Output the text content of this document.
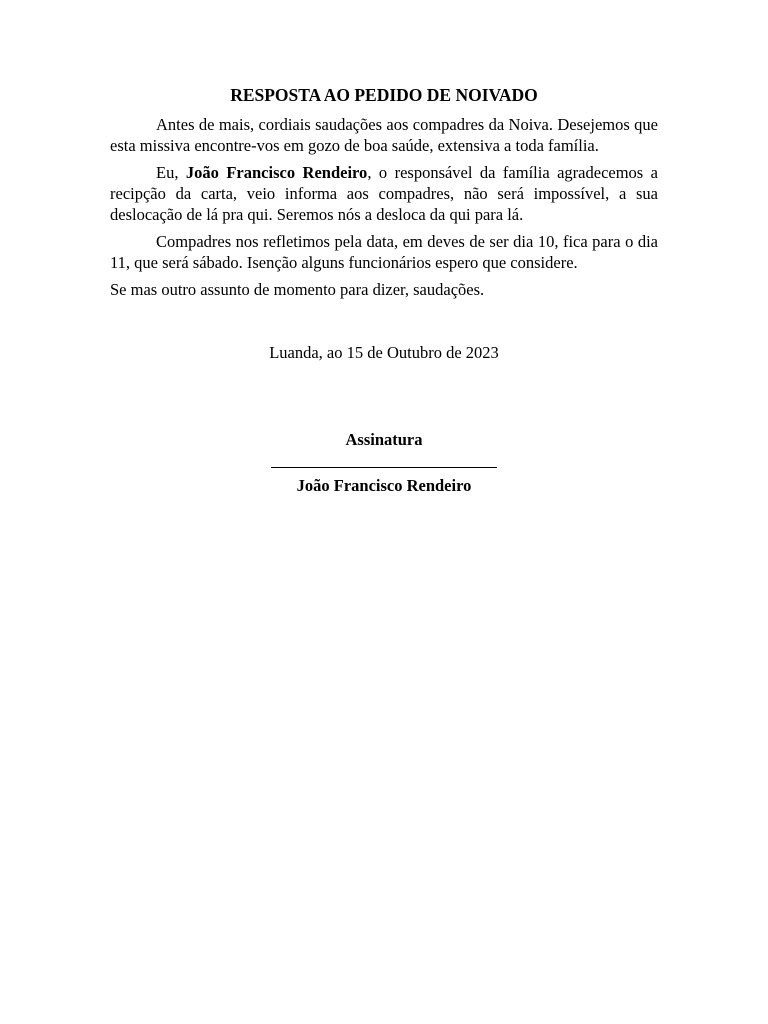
RESPOSTA AO PEDIDO DE NOIVADO

Antes de mais, cordiais saudações aos compadres da Noiva. Desejemos que esta missiva encontre-vos em gozo de boa saúde, extensiva a toda família.

Eu, João Francisco Rendeiro, o responsável da família agradecemos a recipção da carta, veio informa aos compadres, não será impossível, a sua deslocação de lá pra qui. Seremos nós a desloca da qui para lá.

Compadres nos refletimos pela data, em deves de ser dia 10, fica para o dia 11, que será sábado. Isenção alguns funcionários espero que considere.

Se mas outro assunto de momento para dizer, saudações.

Luanda, ao 15 de Outubro de 2023
Assinatura
João Francisco Rendeiro
